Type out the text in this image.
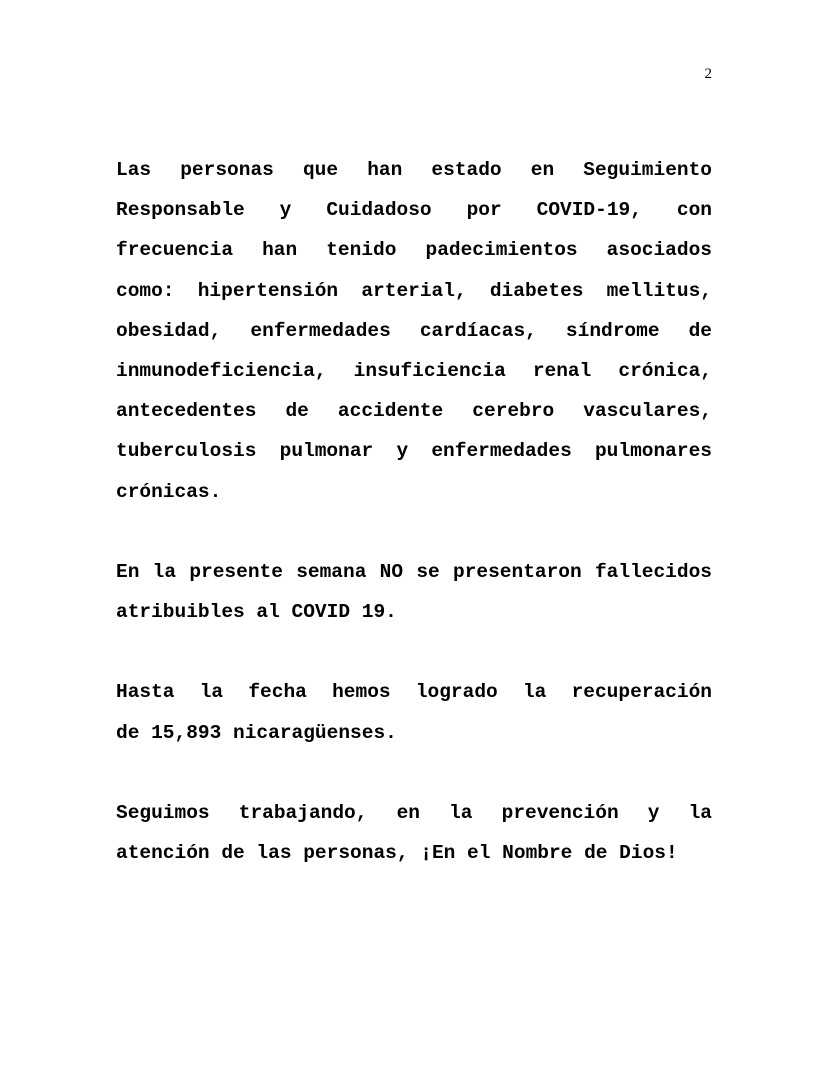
2
Las personas que han estado en Seguimiento
Responsable y Cuidadoso por COVID-19, con
frecuencia han tenido padecimientos asociados
como: hipertensión arterial, diabetes mellitus,
obesidad, enfermedades cardíacas, síndrome de
inmunodeficiencia, insuficiencia renal crónica,
antecedentes de accidente cerebro vasculares,
tuberculosis pulmonar y enfermedades pulmonares
crónicas.
En la presente semana NO se presentaron fallecidos
atribuibles al COVID 19.
Hasta la fecha hemos logrado la recuperación
de 15,893 nicaragüenses.
Seguimos trabajando, en la prevención y la
atención de las personas, ¡En el Nombre de Dios!
